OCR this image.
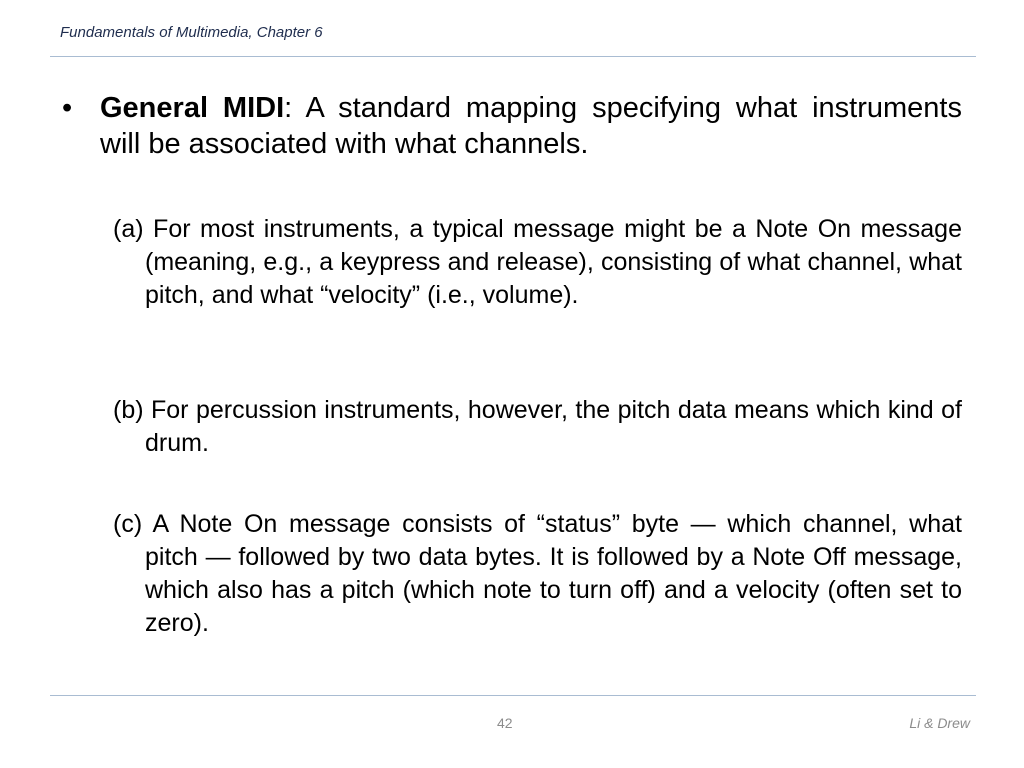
Fundamentals of Multimedia, Chapter 6
• General MIDI: A standard mapping specifying what instruments will be associated with what channels.
(a) For most instruments, a typical message might be a Note On message (meaning, e.g., a keypress and release), consisting of what channel, what pitch, and what “velocity” (i.e., volume).
(b) For percussion instruments, however, the pitch data means which kind of drum.
(c) A Note On message consists of “status” byte — which channel, what pitch — followed by two data bytes. It is followed by a Note Off message, which also has a pitch (which note to turn off) and a velocity (often set to zero).
42	Li & Drew
